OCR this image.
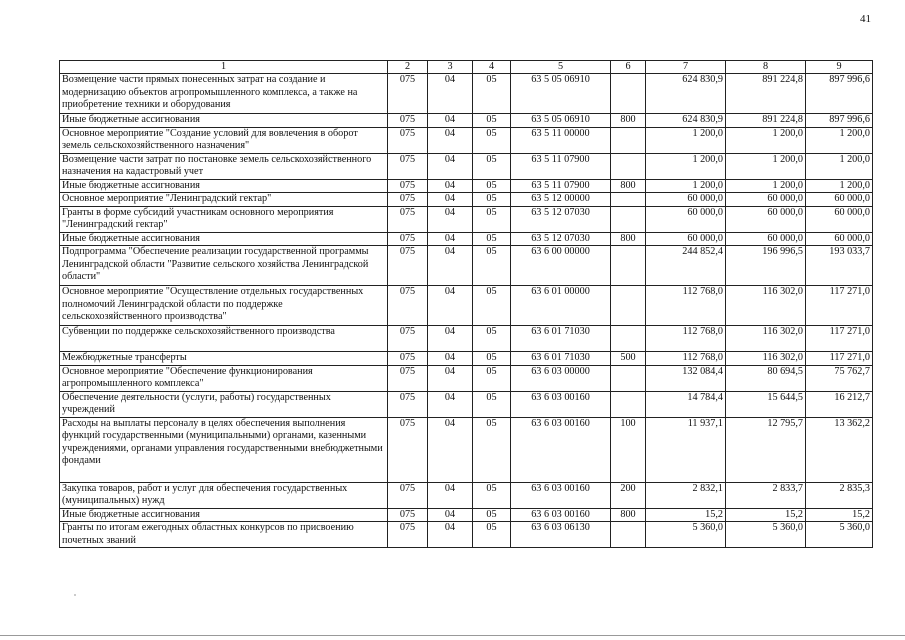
41
1	2	3	4	5	6	7	8	9
Возмещение части прямых понесенных затрат на создание и модернизацию объектов агропромышленного комплекса, а также на приобретение техники и оборудования	075	04	05	63 5 05 06910		624 830,9	891 224,8	897 996,6
Иные бюджетные ассигнования	075	04	05	63 5 05 06910	800	624 830,9	891 224,8	897 996,6
Основное мероприятие "Создание условий для вовлечения в оборот земель сельскохозяйственного назначения"	075	04	05	63 5 11 00000		1 200,0	1 200,0	1 200,0
Возмещение части затрат по постановке земель сельскохозяйственного назначения на кадастровый учет	075	04	05	63 5 11 07900		1 200,0	1 200,0	1 200,0
Иные бюджетные ассигнования	075	04	05	63 5 11 07900	800	1 200,0	1 200,0	1 200,0
Основное мероприятие "Ленинградский гектар"	075	04	05	63 5 12 00000		60 000,0	60 000,0	60 000,0
Гранты в форме субсидий участникам основного мероприятия "Ленинградский гектар"	075	04	05	63 5 12 07030		60 000,0	60 000,0	60 000,0
Иные бюджетные ассигнования	075	04	05	63 5 12 07030	800	60 000,0	60 000,0	60 000,0
Подпрограмма "Обеспечение реализации государственной программы Ленинградской области "Развитие сельского хозяйства Ленинградской области"	075	04	05	63 6 00 00000		244 852,4	196 996,5	193 033,7
Основное мероприятие "Осуществление отдельных государственных полномочий Ленинградской области по поддержке сельскохозяйственного производства"	075	04	05	63 6 01 00000		112 768,0	116 302,0	117 271,0
Субвенции по поддержке сельскохозяйственного производства	075	04	05	63 6 01 71030		112 768,0	116 302,0	117 271,0
Межбюджетные трансферты	075	04	05	63 6 01 71030	500	112 768,0	116 302,0	117 271,0
Основное мероприятие "Обеспечение функционирования агропромышленного комплекса"	075	04	05	63 6 03 00000		132 084,4	80 694,5	75 762,7
Обеспечение деятельности (услуги, работы) государственных учреждений	075	04	05	63 6 03 00160		14 784,4	15 644,5	16 212,7
Расходы на выплаты персоналу в целях обеспечения выполнения функций государственными (муниципальными) органами, казенными учреждениями, органами управления государственными внебюджетными фондами	075	04	05	63 6 03 00160	100	11 937,1	12 795,7	13 362,2
Закупка товаров, работ и услуг для обеспечения государственных (муниципальных) нужд	075	04	05	63 6 03 00160	200	2 832,1	2 833,7	2 835,3
Иные бюджетные ассигнования	075	04	05	63 6 03 00160	800	15,2	15,2	15,2
Гранты по итогам ежегодных областных конкурсов по присвоению почетных званий	075	04	05	63 6 03 06130		5 360,0	5 360,0	5 360,0
